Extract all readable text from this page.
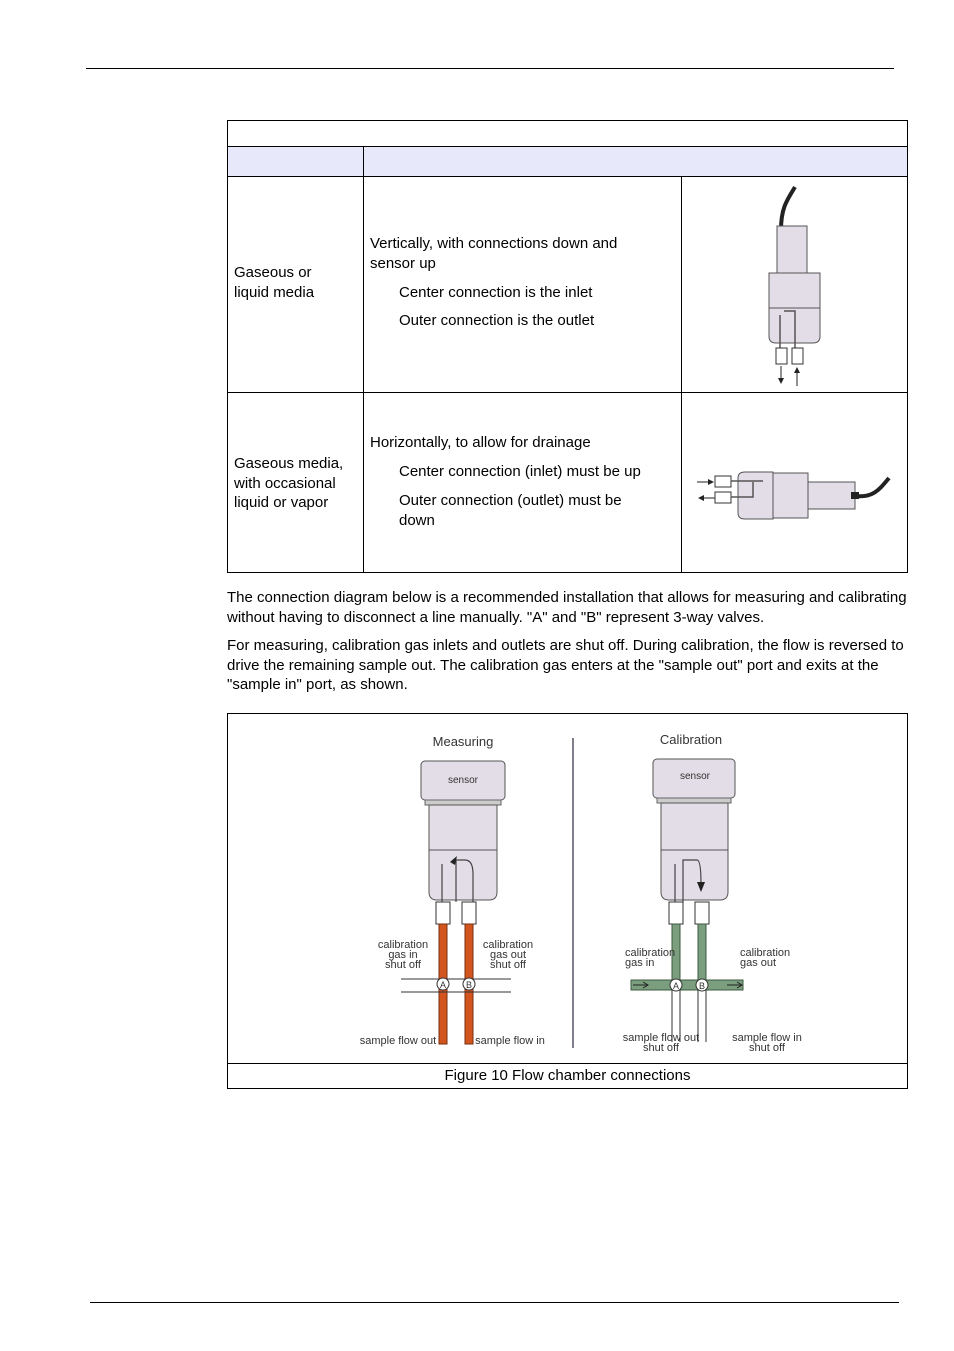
Gaseous or
liquid media
Vertically, with connections down and
sensor up
Center connection is the inlet
Outer connection is the outlet
Gaseous media,
with occasional
liquid or vapor
Horizontally, to allow for drainage
Center connection (inlet) must be up
Outer connection (outlet) must be
down

The connection diagram below is a recommended installation that allows for measuring and calibrating without having to disconnect a line manually. "A" and "B" represent 3-way valves.

For measuring, calibration gas inlets and outlets are shut off. During calibration, the flow is reversed to drive the remaining sample out. The calibration gas enters at the "sample out" port and exits at the "sample in" port, as shown.

Measuring
sensor
A B
calibration
gas in
shut off
calibration
gas out
shut off
sample flow out	sample flow in
Calibration
sensor
A B
calibration
gas in
calibration
gas out
sample flow out
shut off
sample flow in
shut off
Figure 10 Flow chamber connections
